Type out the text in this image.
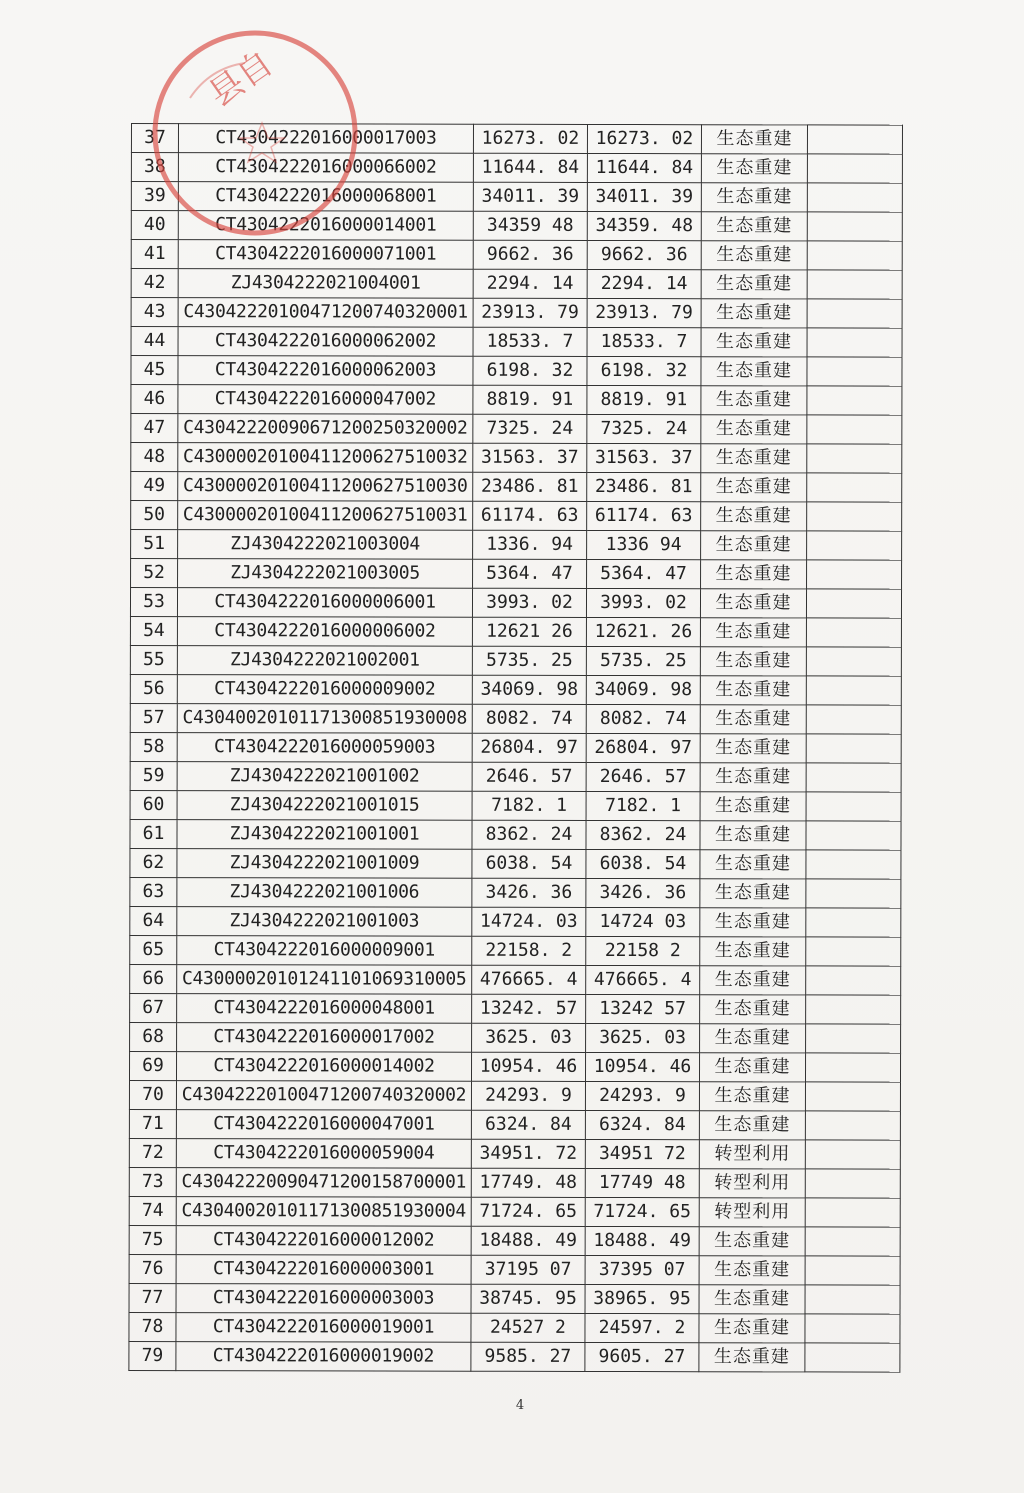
37	CT4304222016000017003	16273. 02	16273. 02	生态重建	
38	CT4304222016000066002	11644. 84	11644. 84	生态重建	
39	CT4304222016000068001	34011. 39	34011. 39	生态重建	
40	CT4304222016000014001	34359 48	34359. 48	生态重建	
41	CT4304222016000071001	9662. 36	9662. 36	生态重建	
42	ZJ4304222021004001	2294. 14	2294. 14	生态重建	
43	C43042220100471200740320001	23913. 79	23913. 79	生态重建	
44	CT4304222016000062002	18533. 7	18533. 7	生态重建	
45	CT4304222016000062003	6198. 32	6198. 32	生态重建	
46	CT4304222016000047002	8819. 91	8819. 91	生态重建	
47	C43042220090671200250320002	7325. 24	7325. 24	生态重建	
48	C43000020100411200627510032	31563. 37	31563. 37	生态重建	
49	C43000020100411200627510030	23486. 81	23486. 81	生态重建	
50	C43000020100411200627510031	61174. 63	61174. 63	生态重建	
51	ZJ4304222021003004	1336. 94	1336 94	生态重建	
52	ZJ4304222021003005	5364. 47	5364. 47	生态重建	
53	CT4304222016000006001	3993. 02	3993. 02	生态重建	
54	CT4304222016000006002	12621 26	12621. 26	生态重建	
55	ZJ4304222021002001	5735. 25	5735. 25	生态重建	
56	CT4304222016000009002	34069. 98	34069. 98	生态重建	
57	C43040020101171300851930008	8082. 74	8082. 74	生态重建	
58	CT4304222016000059003	26804. 97	26804. 97	生态重建	
59	ZJ4304222021001002	2646. 57	2646. 57	生态重建	
60	ZJ4304222021001015	7182. 1	7182. 1	生态重建	
61	ZJ4304222021001001	8362. 24	8362. 24	生态重建	
62	ZJ4304222021001009	6038. 54	6038. 54	生态重建	
63	ZJ4304222021001006	3426. 36	3426. 36	生态重建	
64	ZJ4304222021001003	14724. 03	14724 03	生态重建	
65	CT4304222016000009001	22158. 2	22158 2	生态重建	
66	C43000020101241101069310005	476665. 4	476665. 4	生态重建	
67	CT4304222016000048001	13242. 57	13242 57	生态重建	
68	CT4304222016000017002	3625. 03	3625. 03	生态重建	
69	CT4304222016000014002	10954. 46	10954. 46	生态重建	
70	C43042220100471200740320002	24293. 9	24293. 9	生态重建	
71	CT4304222016000047001	6324. 84	6324. 84	生态重建	
72	CT4304222016000059004	34951. 72	34951 72	转型利用	
73	C43042220090471200158700001	17749. 48	17749 48	转型利用	
74	C43040020101171300851930004	71724. 65	71724. 65	转型利用	
75	CT4304222016000012002	18488. 49	18488. 49	生态重建	
76	CT4304222016000003001	37195 07	37395 07	生态重建	
77	CT4304222016000003003	38745. 95	38965. 95	生态重建	
78	CT4304222016000019001	24527 2	24597. 2	生态重建	
79	CT4304222016000019002	9585. 27	9605. 27	生态重建	
县自
4
